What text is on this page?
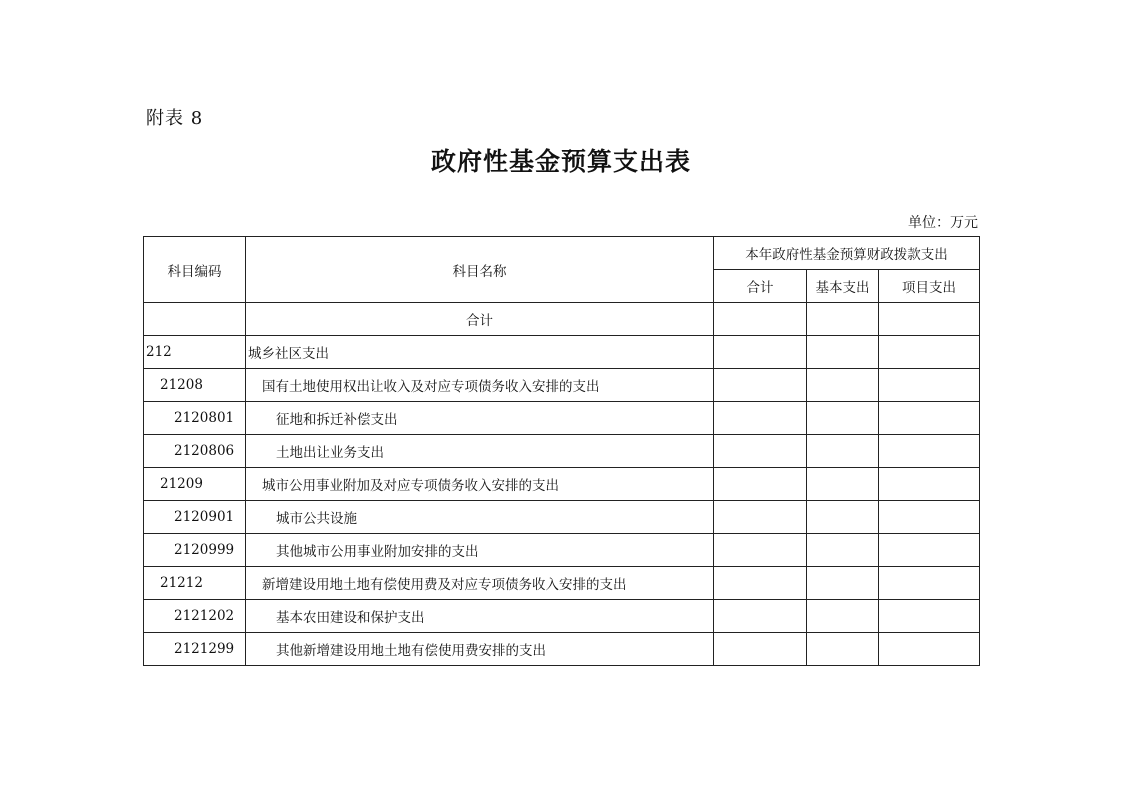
附表 8
政府性基金预算支出表
单位：万元
科目编码	科目名称	本年政府性基金预算财政拨款支出		
		合计	基本支出	项目支出
	合计			
212	城乡社区支出			
21208	国有土地使用权出让收入及对应专项债务收入安排的支出			
2120801	征地和拆迁补偿支出			
2120806	土地出让业务支出			
21209	城市公用事业附加及对应专项债务收入安排的支出			
2120901	城市公共设施			
2120999	其他城市公用事业附加安排的支出			
21212	新增建设用地土地有偿使用费及对应专项债务收入安排的支出			
2121202	基本农田建设和保护支出			
2121299	其他新增建设用地土地有偿使用费安排的支出			
